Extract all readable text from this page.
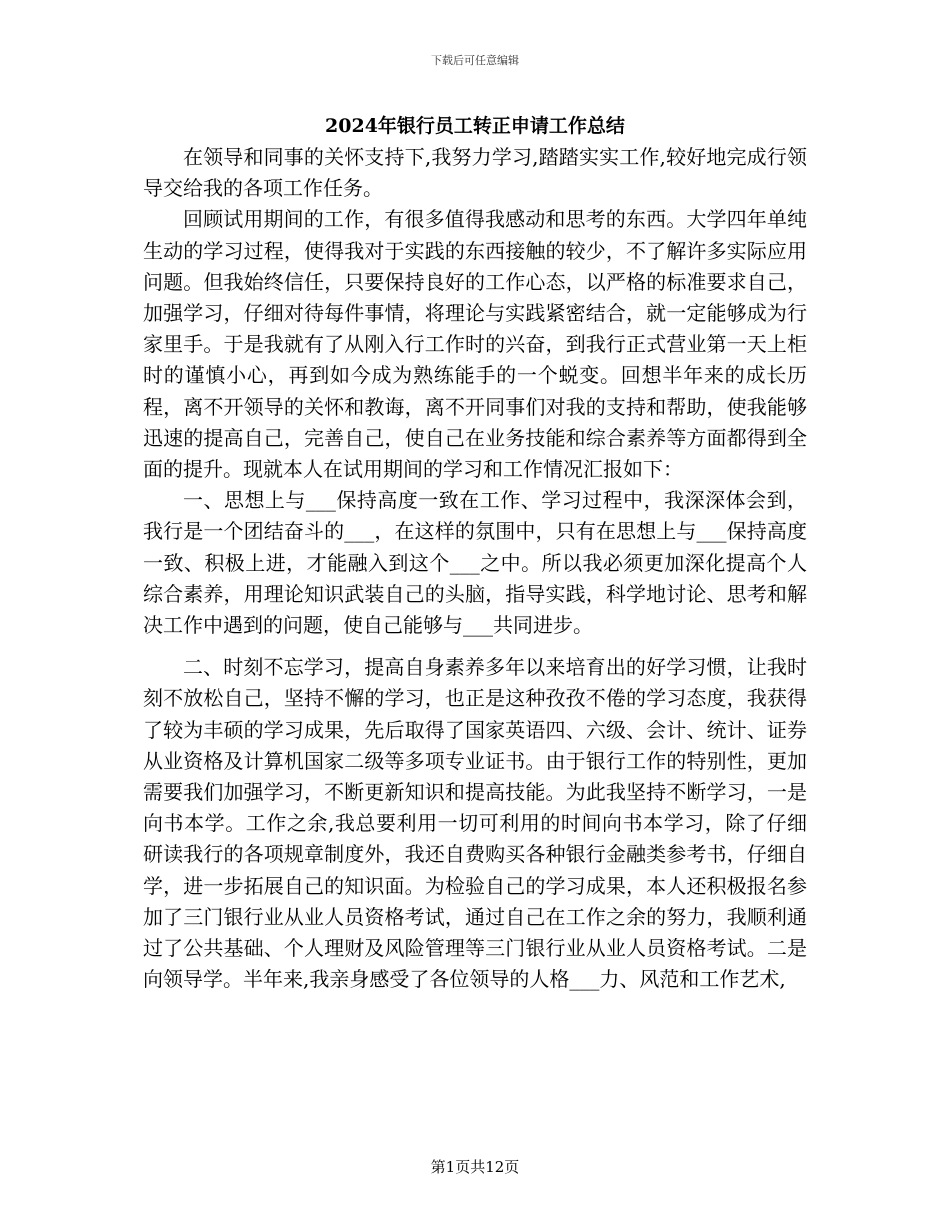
下载后可任意编辑
2024年银行员工转正申请工作总结

在领导和同事的关怀支持下,我努力学习,踏踏实实工作,较好地完成行领导交给我的各项工作任务。

回顾试用期间的工作，有很多值得我感动和思考的东西。大学四年单纯生动的学习过程，使得我对于实践的东西接触的较少，不了解许多实际应用问题。但我始终信任，只要保持良好的工作心态，以严格的标准要求自己，加强学习，仔细对待每件事情，将理论与实践紧密结合，就一定能够成为行家里手。于是我就有了从刚入行工作时的兴奋，到我行正式营业第一天上柜时的谨慎小心，再到如今成为熟练能手的一个蜕变。回想半年来的成长历程，离不开领导的关怀和教诲，离不开同事们对我的支持和帮助，使我能够迅速的提高自己，完善自己，使自己在业务技能和综合素养等方面都得到全面的提升。现就本人在试用期间的学习和工作情况汇报如下：

一、思想上与___保持高度一致在工作、学习过程中，我深深体会到，我行是一个团结奋斗的___，在这样的氛围中，只有在思想上与___保持高度一致、积极上进，才能融入到这个___之中。所以我必须更加深化提高个人综合素养，用理论知识武装自己的头脑，指导实践，科学地讨论、思考和解决工作中遇到的问题，使自己能够与___共同进步。

二、时刻不忘学习，提高自身素养多年以来培育出的好学习惯，让我时刻不放松自己，坚持不懈的学习，也正是这种孜孜不倦的学习态度，我获得了较为丰硕的学习成果，先后取得了国家英语四、六级、会计、统计、证券从业资格及计算机国家二级等多项专业证书。由于银行工作的特别性，更加需要我们加强学习，不断更新知识和提高技能。为此我坚持不断学习，一是向书本学。工作之余,我总要利用一切可利用的时间向书本学习，除了仔细研读我行的各项规章制度外，我还自费购买各种银行金融类参考书，仔细自学，进一步拓展自己的知识面。为检验自己的学习成果，本人还积极报名参加了三门银行业从业人员资格考试，通过自己在工作之余的努力，我顺利通过了公共基础、个人理财及风险管理等三门银行业从业人员资格考试。二是向领导学。半年来,我亲身感受了各位领导的人格___力、风范和工作艺术,

第1页共12页
